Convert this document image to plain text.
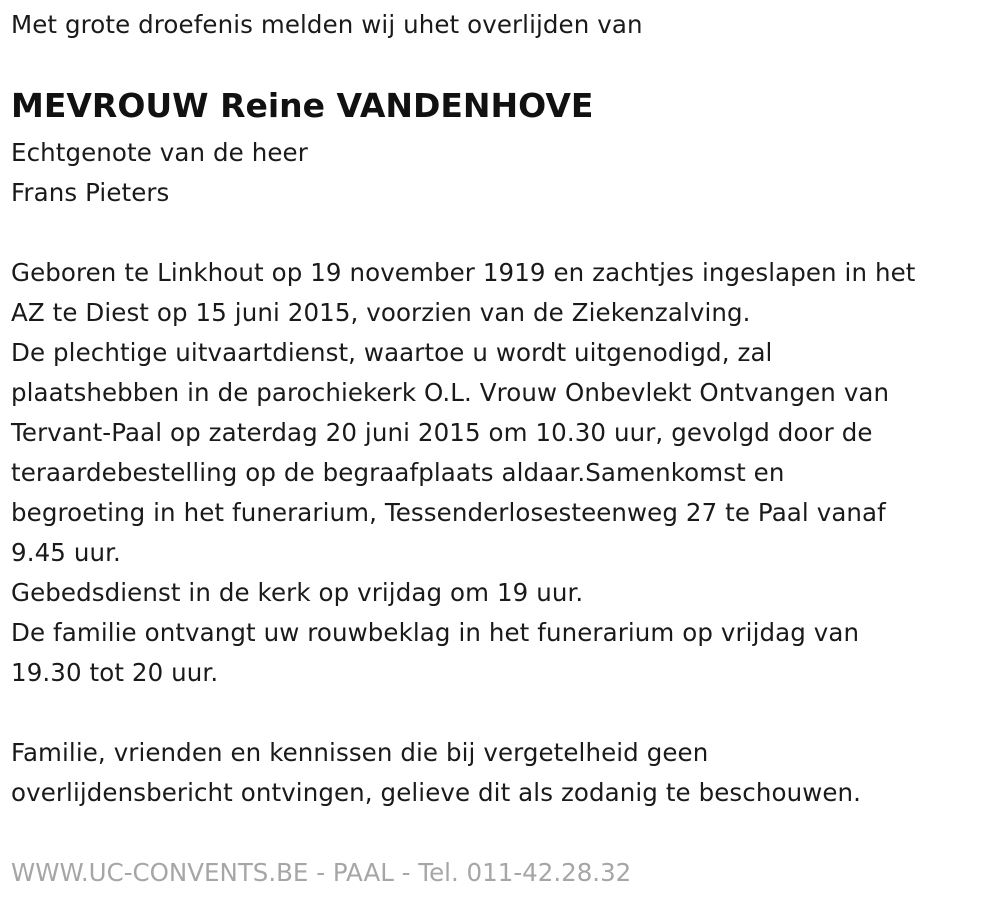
Met grote droefenis melden wij uhet overlijden van
MEVROUW Reine VANDENHOVE
Echtgenote van de heer
Frans Pieters
Geboren te Linkhout op 19 november 1919 en zachtjes ingeslapen in het
AZ te Diest op 15 juni 2015, voorzien van de Ziekenzalving.
De plechtige uitvaartdienst, waartoe u wordt uitgenodigd, zal
plaatshebben in de parochiekerk O.L. Vrouw Onbevlekt Ontvangen van
Tervant-Paal op zaterdag 20 juni 2015 om 10.30 uur, gevolgd door de
teraardebestelling op de begraafplaats aldaar.Samenkomst en
begroeting in het funerarium, Tessenderlosesteenweg 27 te Paal vanaf
9.45 uur.
Gebedsdienst in de kerk op vrijdag om 19 uur.
De familie ontvangt uw rouwbeklag in het funerarium op vrijdag van
19.30 tot 20 uur.
Familie, vrienden en kennissen die bij vergetelheid geen
overlijdensbericht ontvingen, gelieve dit als zodanig te beschouwen.
WWW.UC-CONVENTS.BE - PAAL - Tel. 011-42.28.32
